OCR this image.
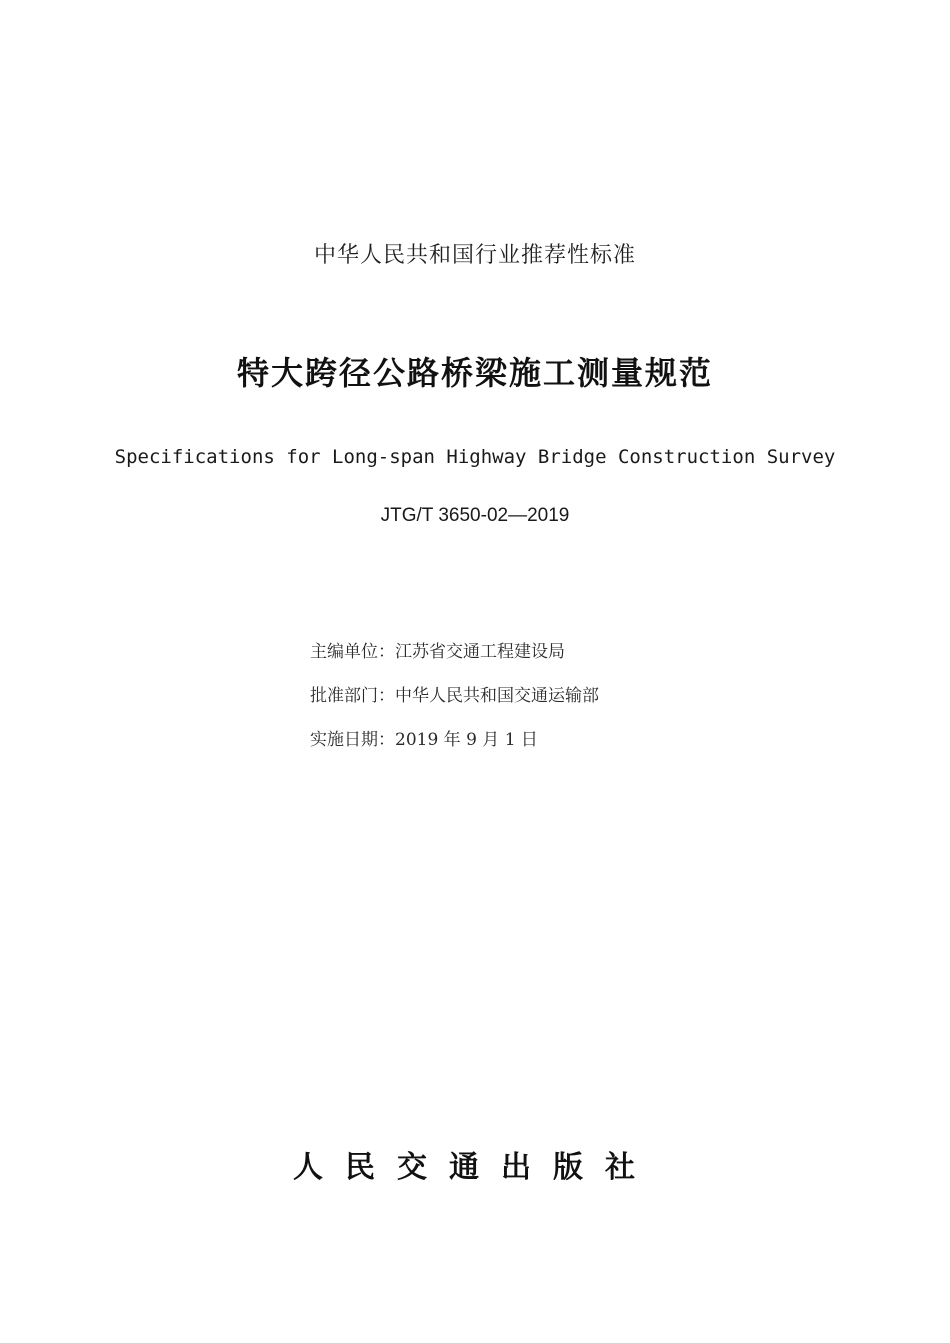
中华人民共和国行业推荐性标准
特大跨径公路桥梁施工测量规范
Specifications for Long-span Highway Bridge Construction Survey
JTG/T 3650-02—2019
主编单位：江苏省交通工程建设局
批准部门：中华人民共和国交通运输部
实施日期：2019 年 9 月 1 日
人民交通出版社
